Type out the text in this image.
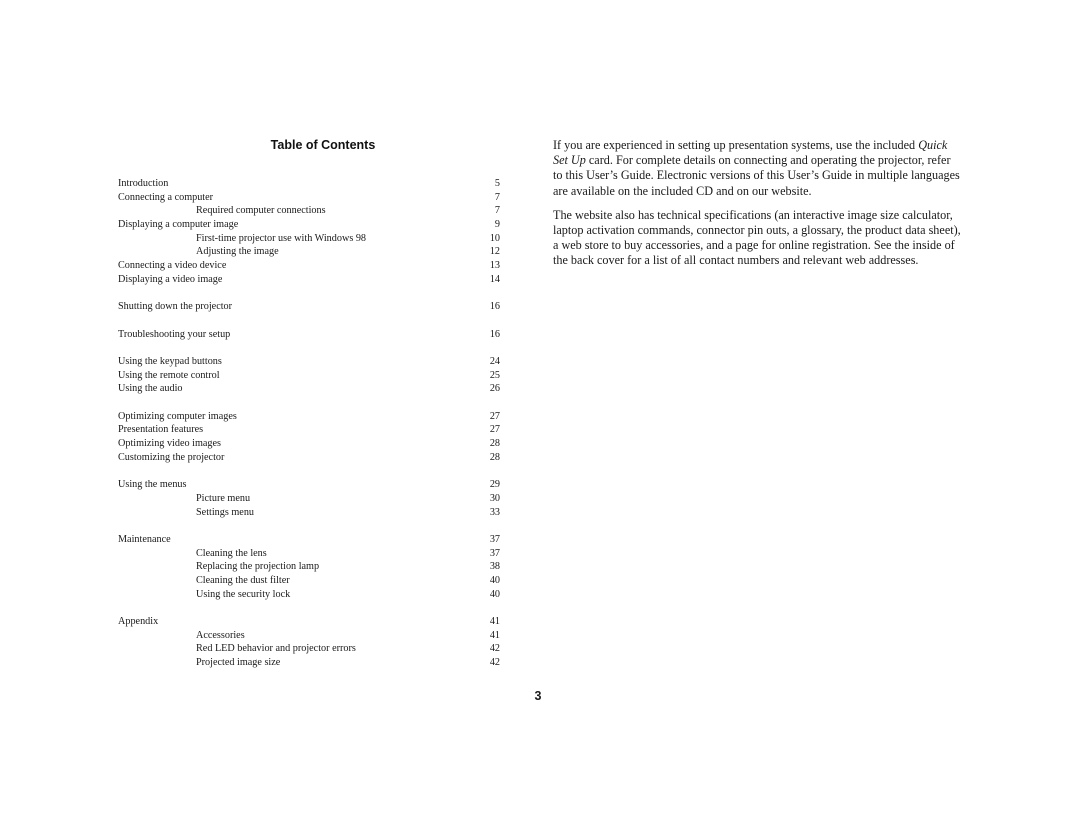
Table of Contents
Introduction	5
Connecting a computer	7
Required computer connections	7
Displaying a computer image	9
First-time projector use with Windows 98	10
Adjusting the image	12
Connecting a video device	13
Displaying a video image	14
Shutting down the projector	16
Troubleshooting your setup	16
Using the keypad buttons	24
Using the remote control	25
Using the audio	26
Optimizing computer images	27
Presentation features	27
Optimizing video images	28
Customizing the projector	28
Using the menus	29
Picture menu	30
Settings menu	33
Maintenance	37
Cleaning the lens	37
Replacing the projection lamp	38
Cleaning the dust filter	40
Using the security lock	40
Appendix	41
Accessories	41
Red LED behavior and projector errors	42
Projected image size	42

If you are experienced in setting up presentation systems, use the included Quick Set Up card. For complete details on connecting and operating the projector, refer to this User’s Guide. Electronic versions of this User’s Guide in multiple languages are available on the included CD and on our website.

The website also has technical specifications (an interactive image size calculator, laptop activation commands, connector pin outs, a glossary, the product data sheet), a web store to buy accessories, and a page for online registration. See the inside of the back cover for a list of all contact numbers and relevant web addresses.

3
